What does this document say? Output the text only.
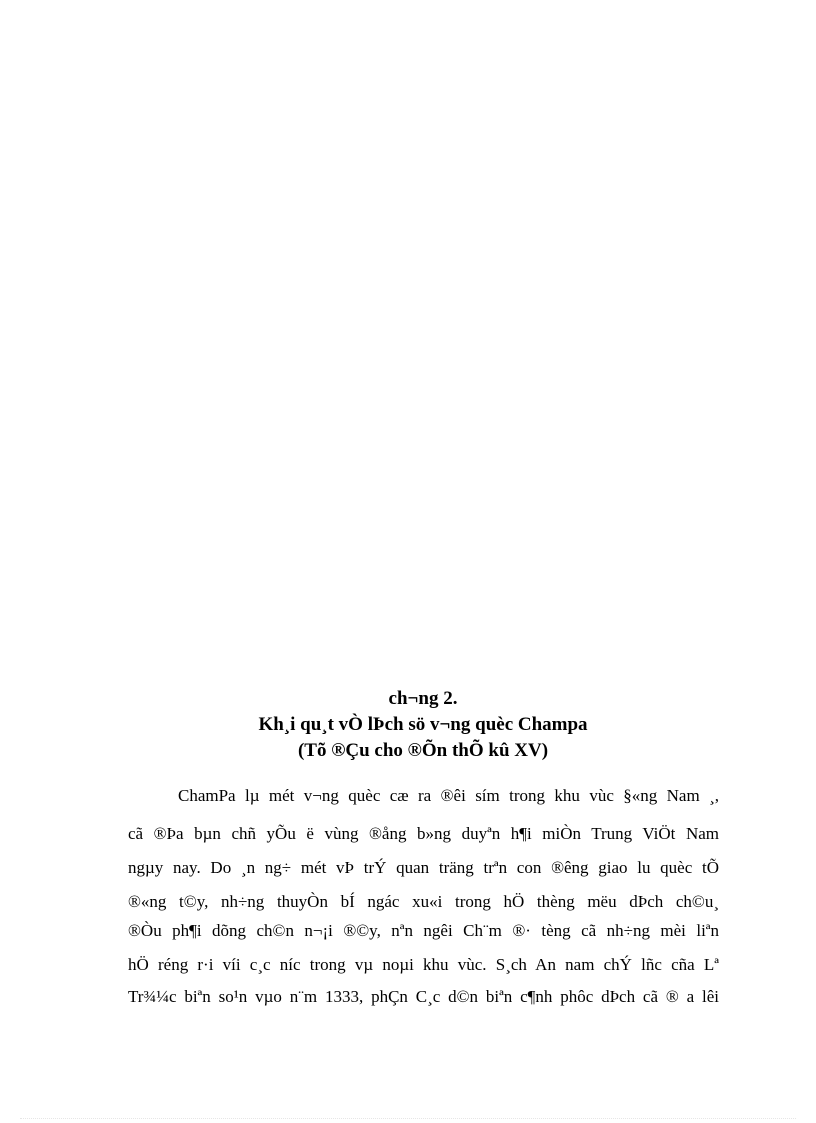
ch¬ng 2.
Kh¸i qu¸t vÒ lÞch sö v¬ng quèc Champa
(Tõ ®Çu cho ®Õn thÕ kû XV)
ChamPa lµ mét v¬ng quèc cæ ra ®êi sím trong khu vùc §«ng Nam ¸,
cã ®Þa bµn chñ yÕu ë vùng ®ång b»ng duyªn h¶i miÒn Trung ViÖt Nam
ngµy nay. Do ¸n ng÷ mét vÞ trÝ quan träng trªn con ®êng giao lu quèc tÕ
®«ng t©y, nh÷ng thuyÒn bÍ ngác xu«i trong hÖ thèng mëu dÞch ch©u¸
®Òu ph¶i dõng ch©n n¬¡i ®©y, nªn ngêi Ch¨m ®· tèng cã nh÷ng mèi liªn
hÖ réng r·i víi c¸c níc trong vµ noµi khu vùc. S¸ch An nam chÝ lñc cña Lª
Tr¾¼c biªn so¹n vµo n¨m 1333, phÇn C¸c d©n biªn c¶nh phôc dÞch cã ® a lêi
